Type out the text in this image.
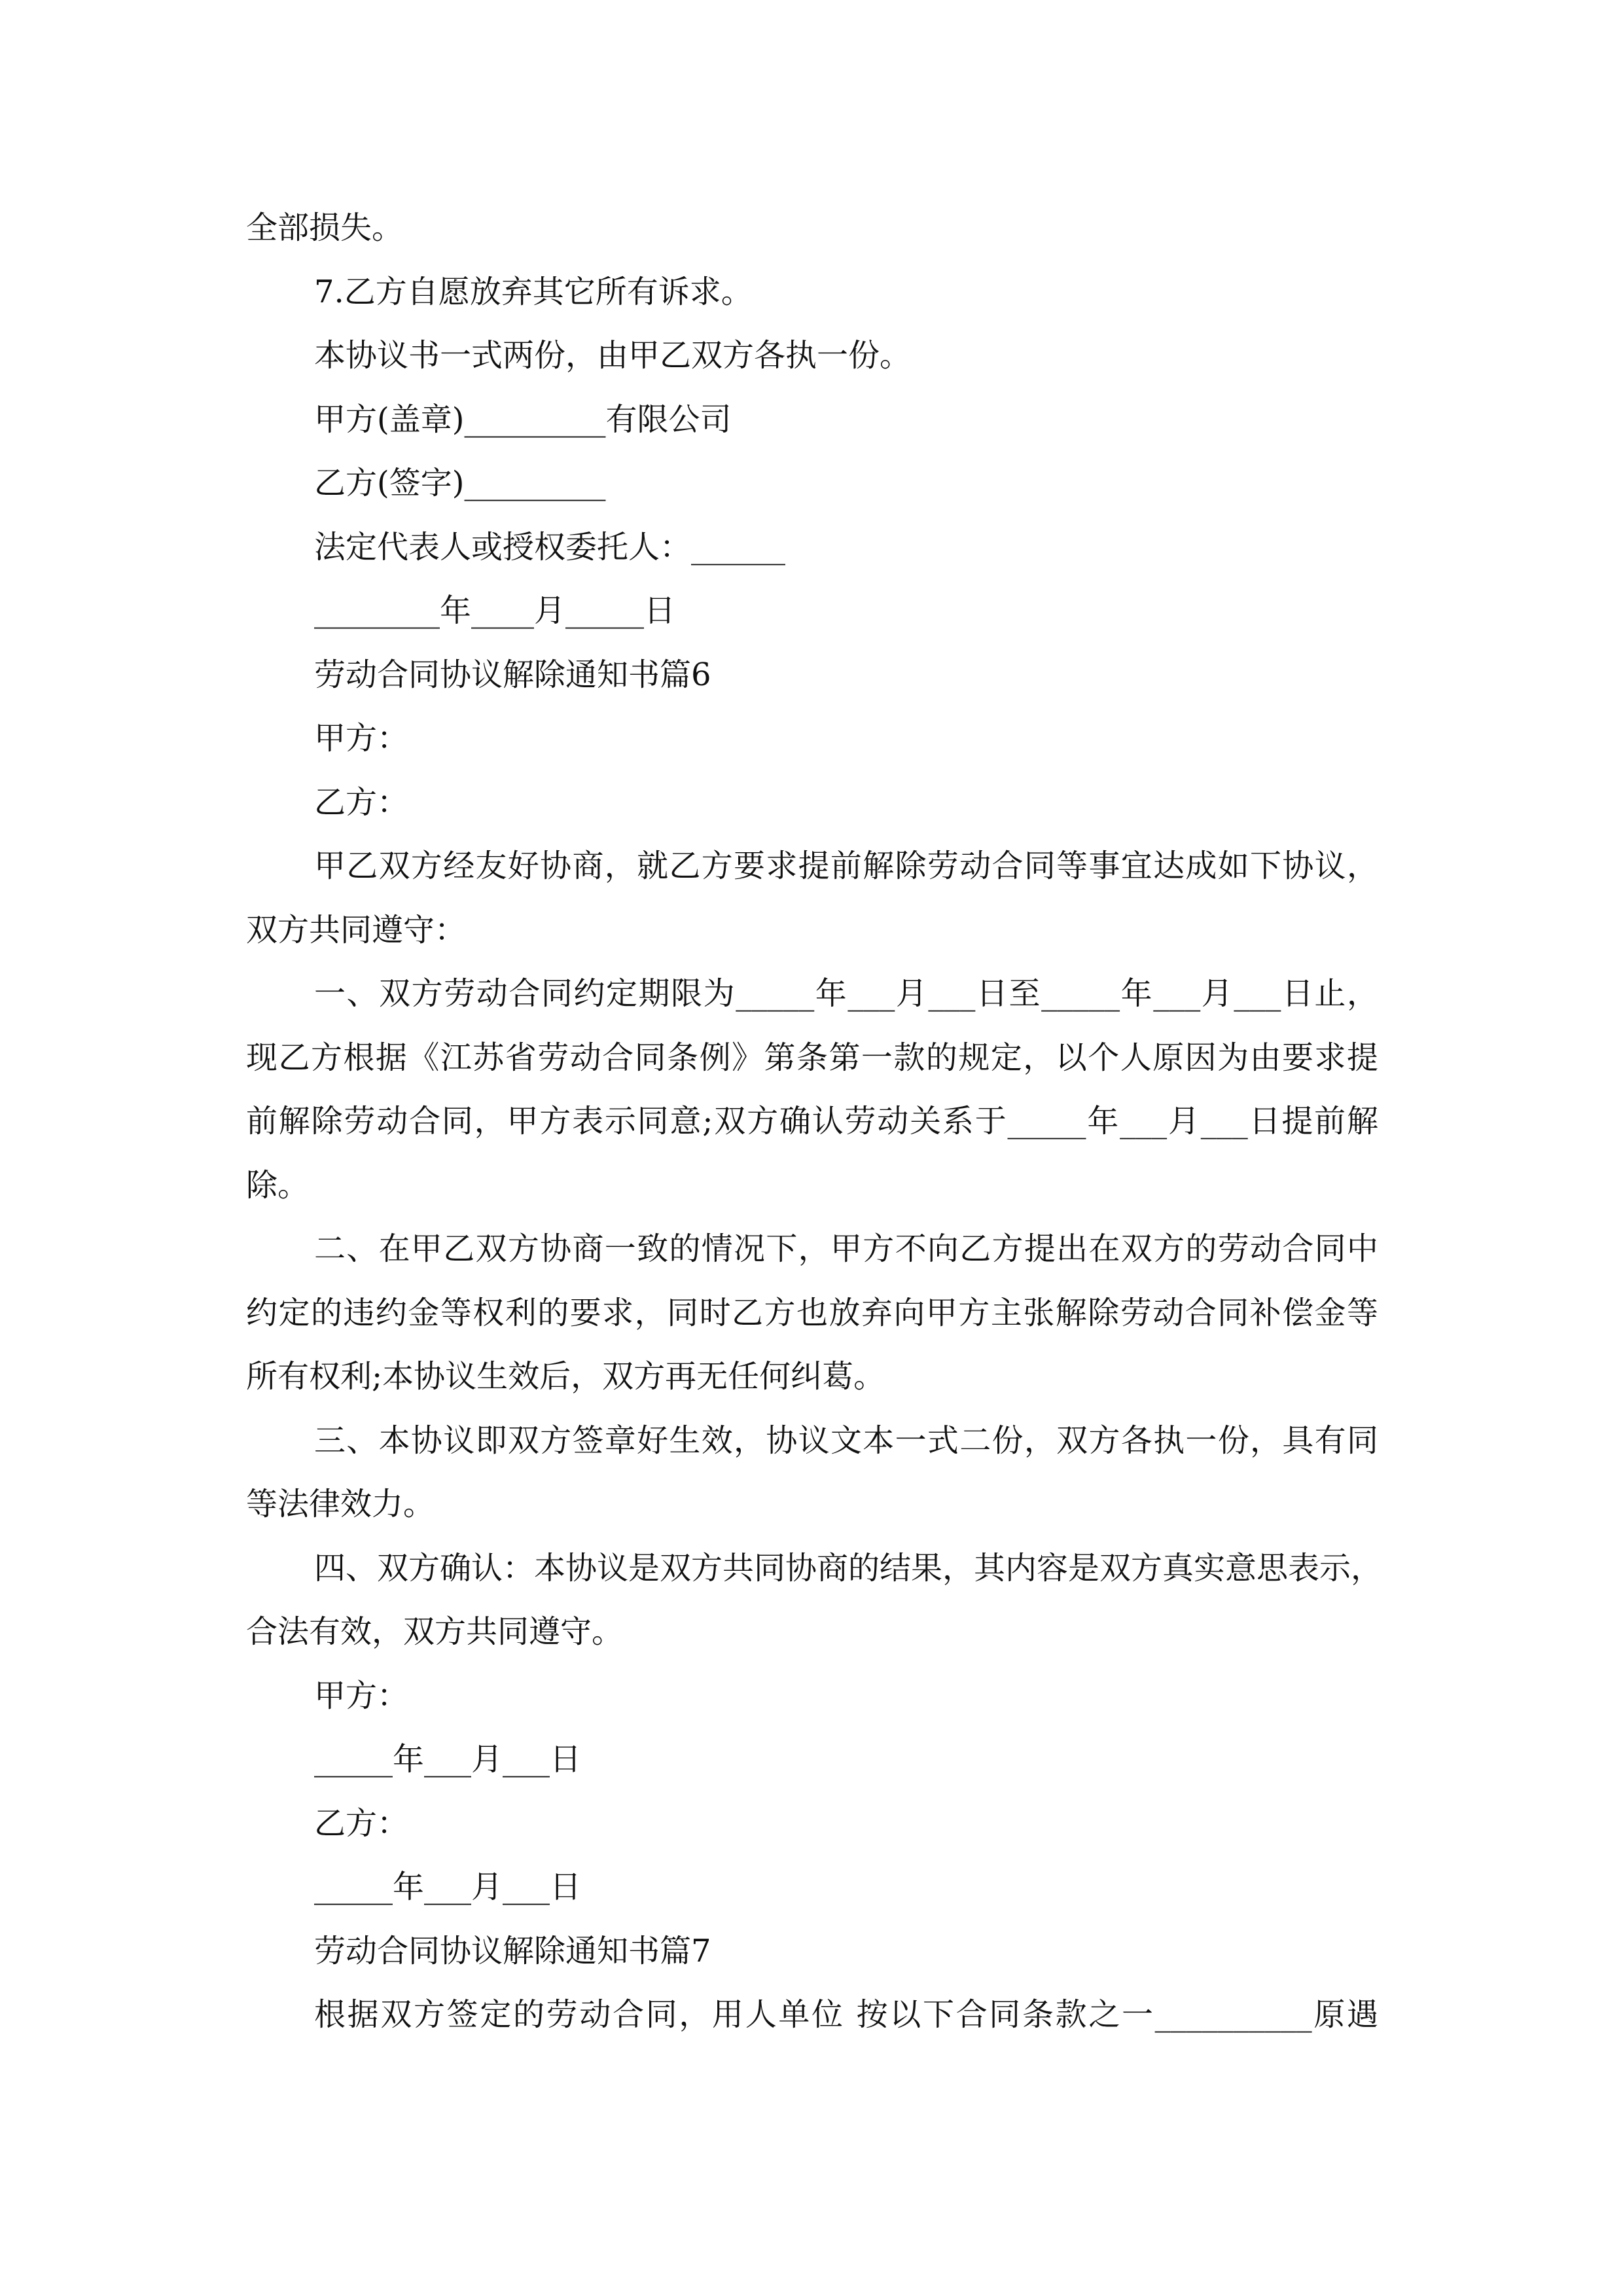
全部损失。
7.乙方自愿放弃其它所有诉求。
本协议书一式两份，由甲乙双方各执一份。
甲方(盖章)_________有限公司
乙方(签字)_________
法定代表人或授权委托人：______
________年____月_____日
劳动合同协议解除通知书篇6
甲方：
乙方：
甲乙双方经友好协商，就乙方要求提前解除劳动合同等事宜达成如下协议，
双方共同遵守：
一、双方劳动合同约定期限为_____年___月___日至_____年___月___日止，
现乙方根据《江苏省劳动合同条例》第条第一款的规定，以个人原因为由要求提
前解除劳动合同，甲方表示同意;双方确认劳动关系于_____年___月___日提前解
除。
二、在甲乙双方协商一致的情况下，甲方不向乙方提出在双方的劳动合同中
约定的违约金等权利的要求，同时乙方也放弃向甲方主张解除劳动合同补偿金等
所有权利;本协议生效后，双方再无任何纠葛。
三、本协议即双方签章好生效，协议文本一式二份，双方各执一份，具有同
等法律效力。
四、双方确认：本协议是双方共同协商的结果，其内容是双方真实意思表示，
合法有效，双方共同遵守。
甲方：
_____年___月___日
乙方：
_____年___月___日
劳动合同协议解除通知书篇7
根据双方签定的劳动合同，用人单位 按以下合同条款之一__________原遇
